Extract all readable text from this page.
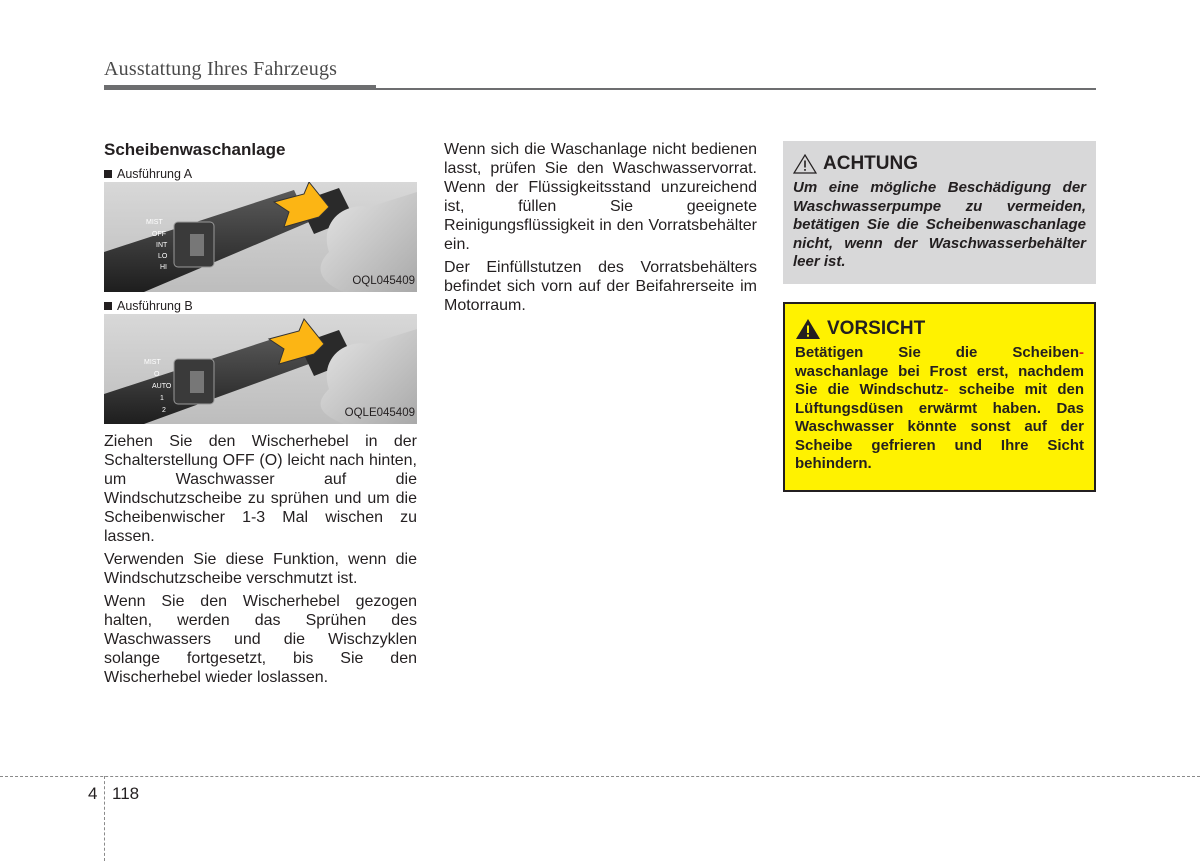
Ausstattung Ihres Fahrzeugs
Scheibenwaschanlage
Ausführung A
MIST
OFF
INT
LO
HI
OQL045409
Ausführung B
MIST
O
AUTO
1
2	OQLE045409

Ziehen Sie den Wischerhebel in der Schalterstellung OFF (O) leicht nach hinten, um Waschwasser auf die Windschutzscheibe zu sprühen und um die Scheibenwischer 1-3 Mal wischen zu lassen.

Verwenden Sie diese Funktion, wenn die Windschutzscheibe verschmutzt ist.

Wenn Sie den Wischerhebel gezogen halten, werden das Sprühen des Waschwassers und die Wischzyklen solange fortgesetzt, bis Sie den Wischerhebel wieder loslassen.

Wenn sich die Waschanlage nicht bedienen lasst, prüfen Sie den Waschwasservorrat. Wenn der Flüssigkeitsstand unzureichend ist, füllen Sie geeignete Reinigungsflüssigkeit in den Vorratsbehälter ein.

Der Einfüllstutzen des Vorratsbehälters befindet sich vorn auf der Beifahrerseite im Motorraum.

ACHTUNG
Um eine mögliche Beschädigung der Waschwasserpumpe zu vermeiden, betätigen Sie die Scheibenwaschanlage nicht, wenn der Waschwasserbehälter leer ist.
VORSICHT
Betätigen Sie die Scheiben- waschanlage bei Frost erst, nachdem Sie die Windschutz- scheibe mit den Lüftungsdüsen erwärmt haben. Das Waschwasser könnte sonst auf der Scheibe gefrieren und Ihre Sicht behindern.
4 118
